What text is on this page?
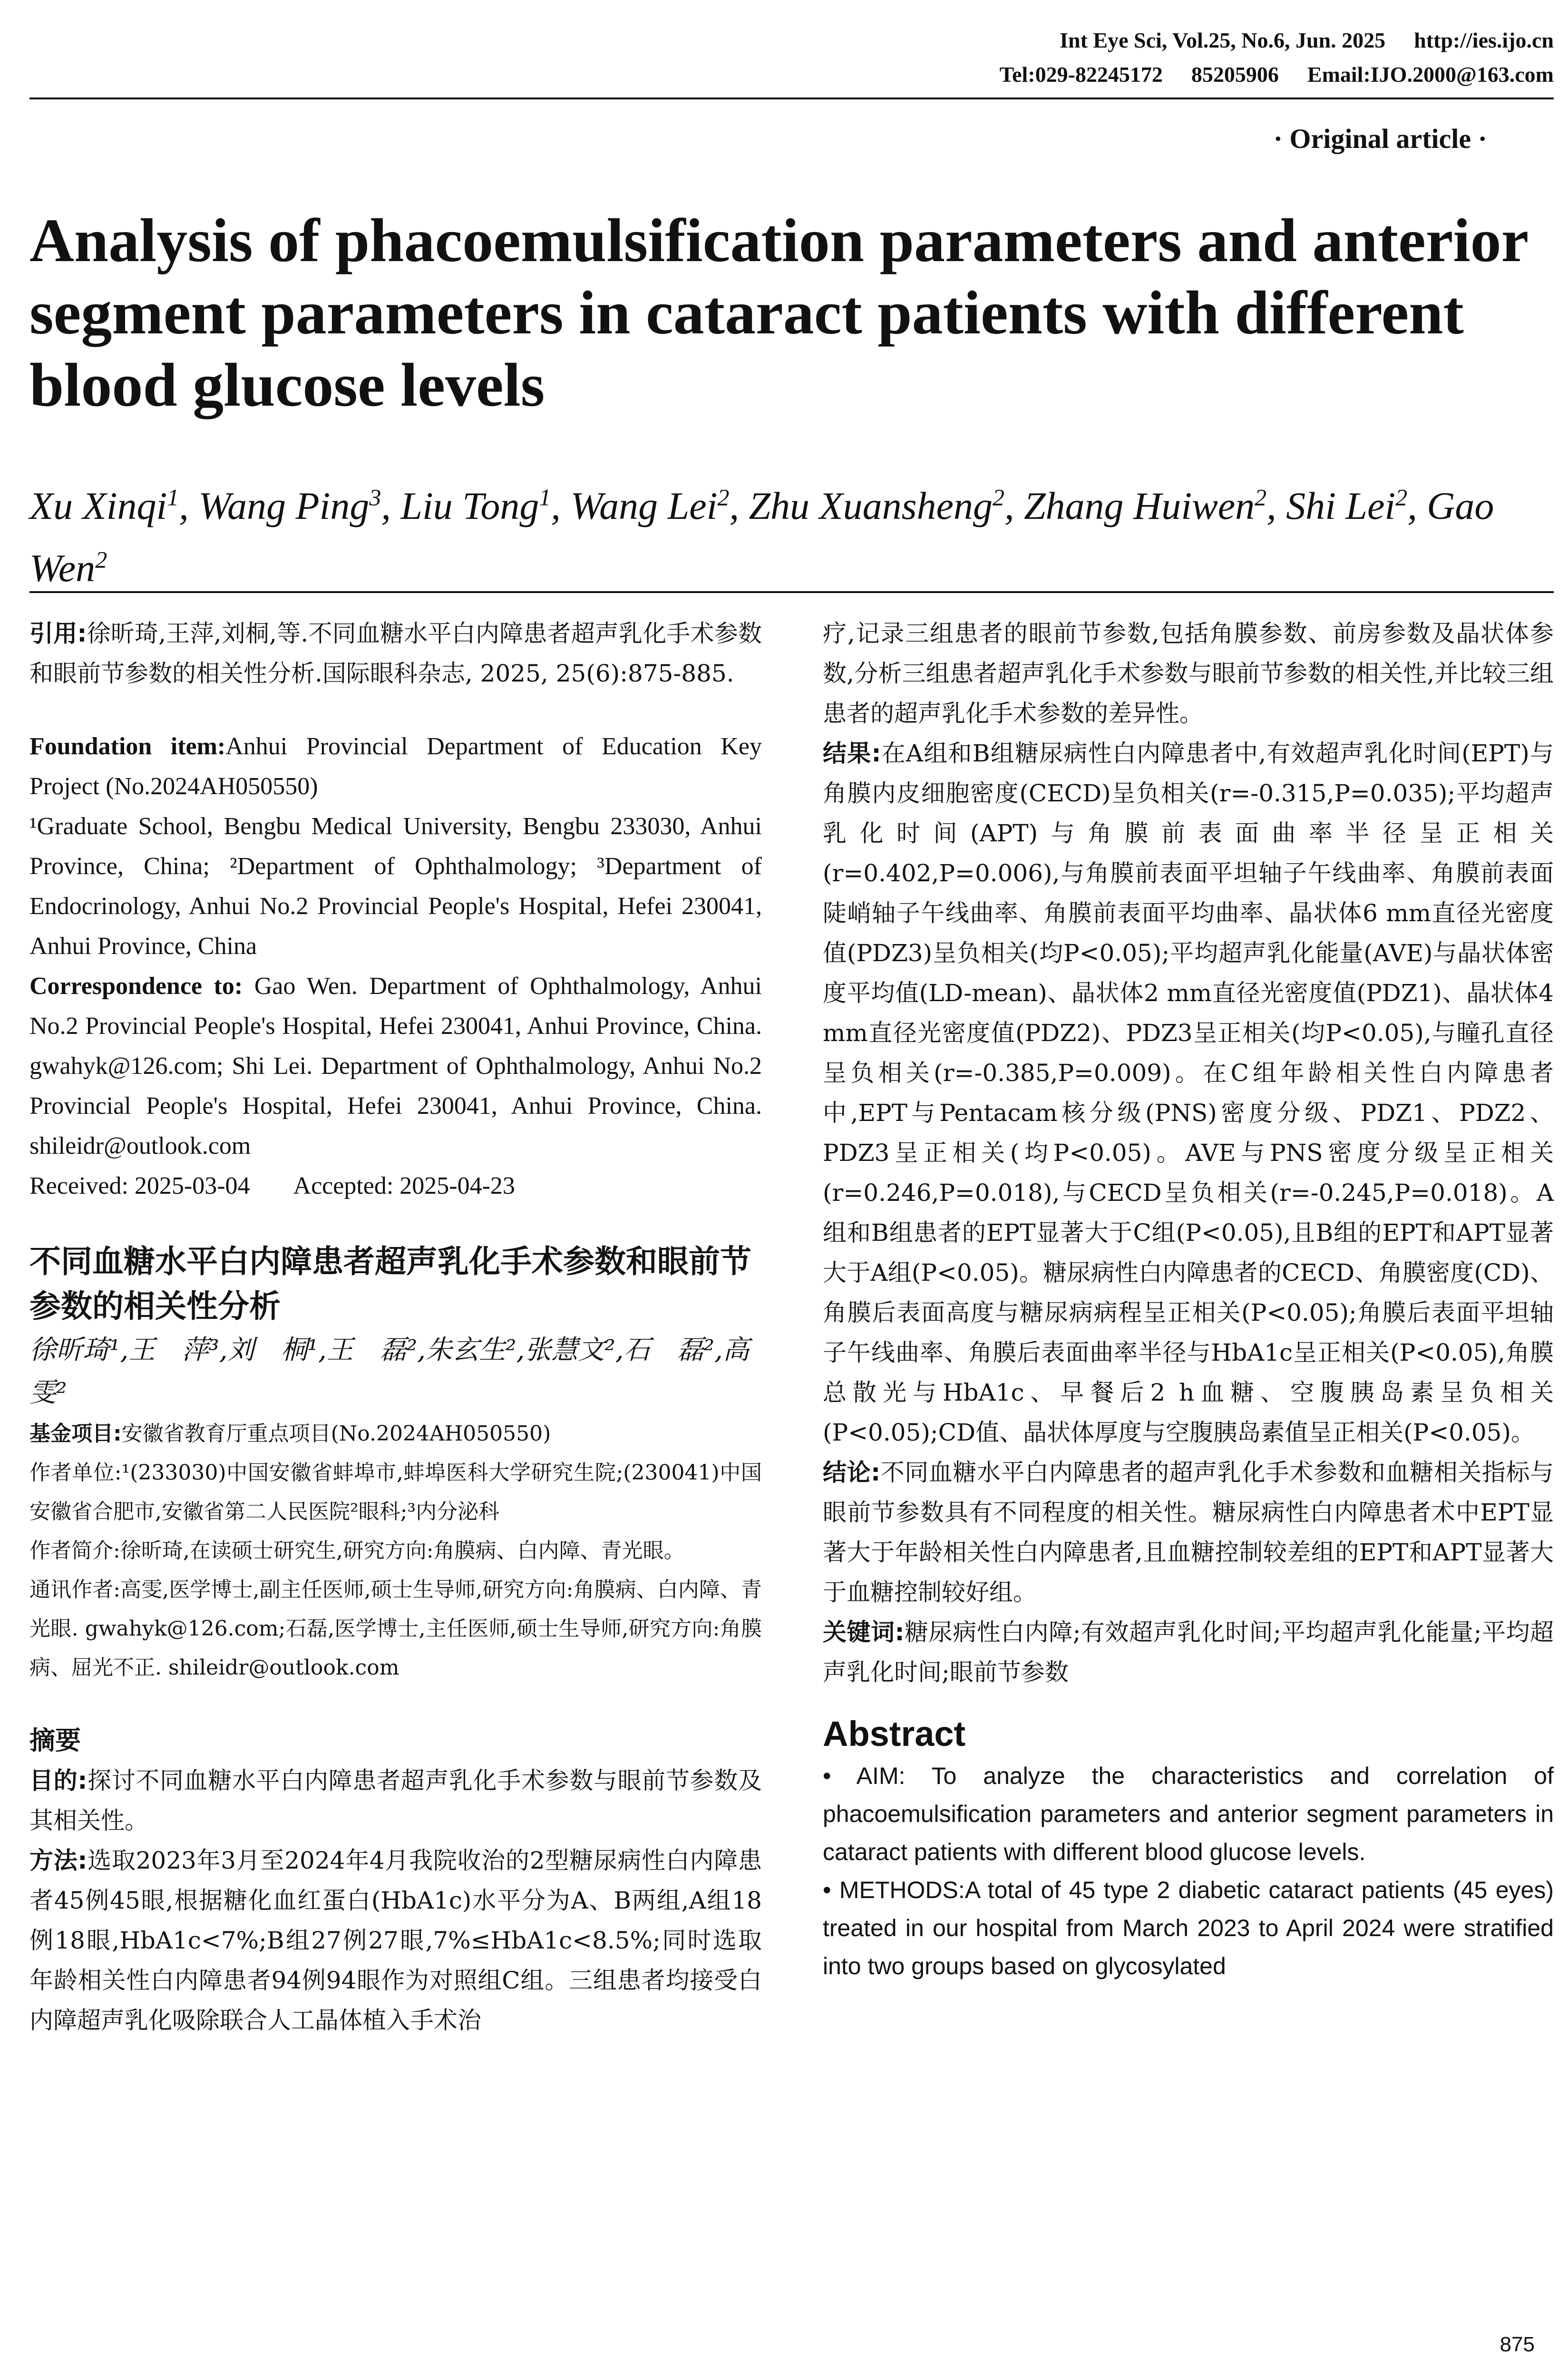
Int Eye Sci, Vol.25, No.6, Jun. 2025 http://ies.ijo.cn
Tel:029-82245172 85205906 Email:IJO.2000@163.com
· Original article ·
Analysis of phacoemulsification parameters and anterior segment parameters in cataract patients with different blood glucose levels
Xu Xinqi$^1$, Wang Ping$^3$, Liu Tong$^1$, Wang Lei$^2$, Zhu Xuansheng$^2$, Zhang Huiwen$^2$, Shi Lei$^2$, Gao Wen$^2$

引用:徐昕琦,王萍,刘桐,等.不同血糖水平白内障患者超声乳化手术参数和眼前节参数的相关性分析.国际眼科杂志, 2025, 25(6):875-885.

Foundation item:Anhui Provincial Department of Education Key Project (No.2024AH050550)

¹Graduate School, Bengbu Medical University, Bengbu 233030, Anhui Province, China; ²Department of Ophthalmology; ³Department of Endocrinology, Anhui No.2 Provincial People's Hospital, Hefei 230041, Anhui Province, China

Correspondence to: Gao Wen. Department of Ophthalmology, Anhui No.2 Provincial People's Hospital, Hefei 230041, Anhui Province, China. gwahyk@126.com; Shi Lei. Department of Ophthalmology, Anhui No.2 Provincial People's Hospital, Hefei 230041, Anhui Province, China. shileidr@outlook.com

Received: 2025-03-04 Accepted: 2025-04-23

不同血糖水平白内障患者超声乳化手术参数和眼前节参数的相关性分析

徐昕琦¹,王　萍³,刘　桐¹,王　磊²,朱玄生²,张慧文²,石　磊²,高　雯²

基金项目:安徽省教育厅重点项目(No.2024AH050550)

作者单位:¹(233030)中国安徽省蚌埠市,蚌埠医科大学研究生院;(230041)中国安徽省合肥市,安徽省第二人民医院²眼科;³内分泌科

作者简介:徐昕琦,在读硕士研究生,研究方向:角膜病、白内障、青光眼。

通讯作者:高雯,医学博士,副主任医师,硕士生导师,研究方向:角膜病、白内障、青光眼. gwahyk@126.com;石磊,医学博士,主任医师,硕士生导师,研究方向:角膜病、屈光不正. shileidr@outlook.com

摘要

目的:探讨不同血糖水平白内障患者超声乳化手术参数与眼前节参数及其相关性。

方法:选取2023年3月至2024年4月我院收治的2型糖尿病性白内障患者45例45眼,根据糖化血红蛋白(HbA1c)水平分为A、B两组,A组18例18眼,HbA1c<7%;B组27例27眼,7%≤HbA1c<8.5%;同时选取年龄相关性白内障患者94例94眼作为对照组C组。三组患者均接受白内障超声乳化吸除联合人工晶体植入手术治

疗,记录三组患者的眼前节参数,包括角膜参数、前房参数及晶状体参数,分析三组患者超声乳化手术参数与眼前节参数的相关性,并比较三组患者的超声乳化手术参数的差异性。

结果:在A组和B组糖尿病性白内障患者中,有效超声乳化时间(EPT)与角膜内皮细胞密度(CECD)呈负相关(r=-0.315,P=0.035);平均超声乳化时间(APT)与角膜前表面曲率半径呈正相关(r=0.402,P=0.006),与角膜前表面平坦轴子午线曲率、角膜前表面陡峭轴子午线曲率、角膜前表面平均曲率、晶状体6 mm直径光密度值(PDZ3)呈负相关(均P<0.05);平均超声乳化能量(AVE)与晶状体密度平均值(LD-mean)、晶状体2 mm直径光密度值(PDZ1)、晶状体4 mm直径光密度值(PDZ2)、PDZ3呈正相关(均P<0.05),与瞳孔直径呈负相关(r=-0.385,P=0.009)。在C组年龄相关性白内障患者中,EPT与Pentacam核分级(PNS)密度分级、PDZ1、PDZ2、PDZ3呈正相关(均P<0.05)。AVE与PNS密度分级呈正相关(r=0.246,P=0.018),与CECD呈负相关(r=-0.245,P=0.018)。A组和B组患者的EPT显著大于C组(P<0.05),且B组的EPT和APT显著大于A组(P<0.05)。糖尿病性白内障患者的CECD、角膜密度(CD)、角膜后表面高度与糖尿病病程呈正相关(P<0.05);角膜后表面平坦轴子午线曲率、角膜后表面曲率半径与HbA1c呈正相关(P<0.05),角膜总散光与HbA1c、早餐后2 h血糖、空腹胰岛素呈负相关(P<0.05);CD值、晶状体厚度与空腹胰岛素值呈正相关(P<0.05)。

结论:不同血糖水平白内障患者的超声乳化手术参数和血糖相关指标与眼前节参数具有不同程度的相关性。糖尿病性白内障患者术中EPT显著大于年龄相关性白内障患者,且血糖控制较差组的EPT和APT显著大于血糖控制较好组。

关键词:糖尿病性白内障;有效超声乳化时间;平均超声乳化能量;平均超声乳化时间;眼前节参数

Abstract

• AIM: To analyze the characteristics and correlation of phacoemulsification parameters and anterior segment parameters in cataract patients with different blood glucose levels.

• METHODS:A total of 45 type 2 diabetic cataract patients (45 eyes) treated in our hospital from March 2023 to April 2024 were stratified into two groups based on glycosylated

875
